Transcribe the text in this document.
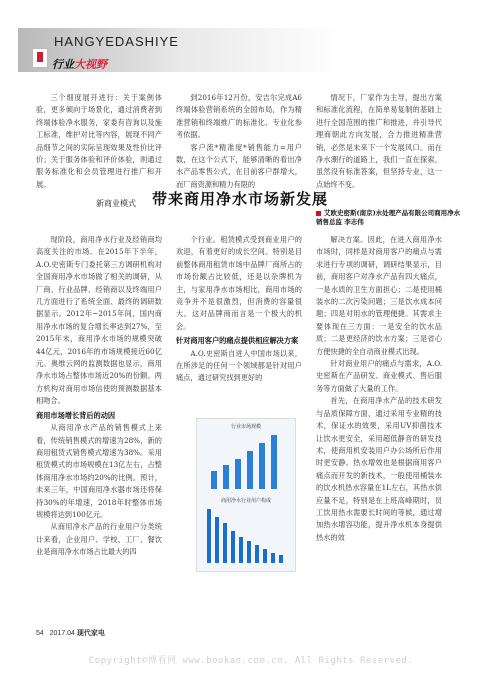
HANGYEDASHIYE
行业大视野

三个细度展开进行：关于案例体验，更多倾向于场景化，通过消费者到终端体验净水服务，家委有咨询以及施工标准，维护对比等内容，展现不同产品细节之间的实际呈现效果及性价比评价；关于服务体验和评价体验，则通过服务标准化和会员管理进行推广和开展。

到2016年12月份，安吉尔完成A6终端体验营销系统的全国布局，作为精准营销和终端推广的标准化、专业化参考依据。

客户流*精准度*销售能力=用户数，在这个公式下，能够清晰的看出净水产品零售公式，在目前客户群增大，而厂商资源和精力有限的

情况下，厂家作为主导，提出方案和标准化流程，在简单易复制的基础上进行全国范围的推广和推进，并引导代理商朝此方向发展，合力推进精准营销，必然是未来下一个发展风口。而在净水潮行的道路上，我们一直在探索，虽然没有标准答案，但坚持专业，这一点始终不变。

新商业模式 带来商用净水市场新发展
艾欧史密斯(南京)水处理产品有限公司商用净水销售总监 李志伟

现阶段，商用净水行业及经销商均高度关注的市场。在2015年下半年，A.O.史密斯专门委托第三方调研机构对全国商用净水市场做了相关的调研，从厂商、行业品牌、经销商以及终端用户几方面进行了系统全面、最终的调研数据显示。2012年~2015年间，国内商用净水市场的复合增长率达到27%，至2015年末，商用净水市场的规模突破44亿元，2016年的市场规模接近60亿元。奥维云网的监测数据也显示，商用净水市场占整体市场近20%的份额。两方机构对商用市场信使的预测数据基本相吻合。

商用市场增长背后的动因

从商用净水产品的销售模式上来看，传统销售模式的增速为28%，新的商用租赁式销售模式增速为38%。采用租赁模式的市场规模在13亿左右，占整体商用净水市场约20%的比例。预计，未来三年，中国商用净水器市场还将保持30%的年增速，2018年时整体市场规模将达到100亿元。

从商用净水产品的行业用户分类统计来看，企业用户、学校、工厂、餐饮业是商用净水市场占比最大的四

个行业。租赁模式受到商业用户的欢迎，有着更好的成长空间。特别是目前整体商用租赁市场中品牌厂商所占的市场份额占比较低，还是以杂牌机为主，与家用净水市场相比，商用市场的竞争并不是很激烈，但消费的容量很大。这对品牌商而言是一个极大的机会。

针对商用客户的痛点提供相应解决方案

A.O.史密斯自进入中国市场以来，在所涉足的任何一个领域都是针对用户痛点，通过研究找到更好的

行业市场规模
商用净水行业用户构成

解决方案。因此，在进入商用净水市场时，同样是对商用客户的痛点与需求进行专项的调研，调研结果显示，目前，商用客户对净水产品有四大痛点，一是水质的卫生方面担心；二是使用桶装水的二次污染问题；三是饮水成本问题；四是对用水的管理便捷。其需求主要体现在三方面：一是安全的饮水品质；二是更经济的饮水方案；三是省心方便快捷的全自动商业模式出现。

针对商业用户的痛点与需求，A.O.史密斯在产品研发、商业模式、售后服务等方面做了大量的工作。

首先，在商用净水产品的技术研发与品质保障方面，通过采用专业精的技术，保证水的效果，采用UV抑菌技术让饮水更安全，采用超低静音的研发技术，使商用机安装用户办公场所后作用时更安静。热水增效也是根据商用客户痛点而开发的新技术，一般使用桶装水的饮水机热水容量在1L左右，其热水供应量不足，特别是在上班高峰期时，员工饮用热水需要长时间的等候，通过增加热水增容功能，提升净水机本身提供热水的效

54 2017.04 现代家电
Copyright©博看网 www.bookan.com.cn. All Rights Reserved.
